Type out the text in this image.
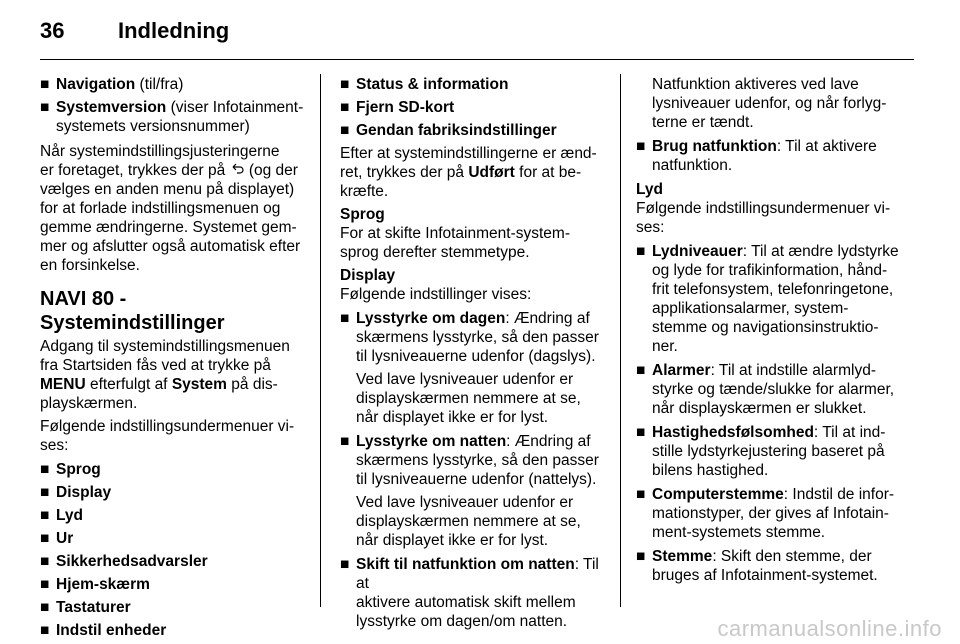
36 Indledning
■ Navigation (til/fra)
■ Systemversion (viser Infotainment-
systemets versionsnummer)

Når systemindstillingsjusteringerne
er foretaget, trykkes der på  (og der
vælges en anden menu på displayet)
for at forlade indstillingsmenuen og
gemme ændringerne. Systemet gem-
mer og afslutter også automatisk efter
en forsinkelse.

NAVI 80 - Systemindstillinger

Adgang til systemindstillingsmenuen
fra Startsiden fås ved at trykke på
MENU efterfulgt af System på dis-
playskærmen.

Følgende indstillingsundermenuer vi-
ses:

■ Sprog
■ Display
■ Lyd
■ Ur
■ Sikkerhedsadvarsler
■ Hjem-skærm
■ Tastaturer
■ Indstil enheder
■ Status & information
■ Fjern SD-kort
■ Gendan fabriksindstillinger

Efter at systemindstillingerne er ænd-
ret, trykkes der på Udført for at be-
kræfte.

Sprog

For at skifte Infotainment-system-
sprog derefter stemmetype.

Display

Følgende indstillinger vises:

■ Lysstyrke om dagen: Ændring af
skærmens lysstyrke, så den passer
til lysniveauerne udenfor (dagslys).
Ved lave lysniveauer udenfor er
displayskærmen nemmere at se,
når displayet ikke er for lyst.
■ Lysstyrke om natten: Ændring af
skærmens lysstyrke, så den passer
til lysniveauerne udenfor (nattelys).
Ved lave lysniveauer udenfor er
displayskærmen nemmere at se,
når displayet ikke er for lyst.
■ Skift til natfunktion om natten: Til at
aktivere automatisk skift mellem
lysstyrke om dagen/om natten.
Natfunktion aktiveres ved lave
lysniveauer udenfor, og når forlyg-
terne er tændt.
■ Brug natfunktion: Til at aktivere
natfunktion.
Lyd

Følgende indstillingsundermenuer vi-
ses:

■ Lydniveauer: Til at ændre lydstyrke
og lyde for trafikinformation, hånd-
frit telefonsystem, telefonringetone,
applikationsalarmer, system-
stemme og navigationsinstruktio-
ner.
■ Alarmer: Til at indstille alarmlyd-
styrke og tænde/slukke for alarmer,
når displayskærmen er slukket.
■ Hastighedsfølsomhed: Til at ind-
stille lydstyrkejustering baseret på
bilens hastighed.
■ Computerstemme: Indstil de infor-
mationstyper, der gives af Infotain-
ment-systemets stemme.
■ Stemme: Skift den stemme, der
bruges af Infotainment-systemet.
carmanualsonline.info
